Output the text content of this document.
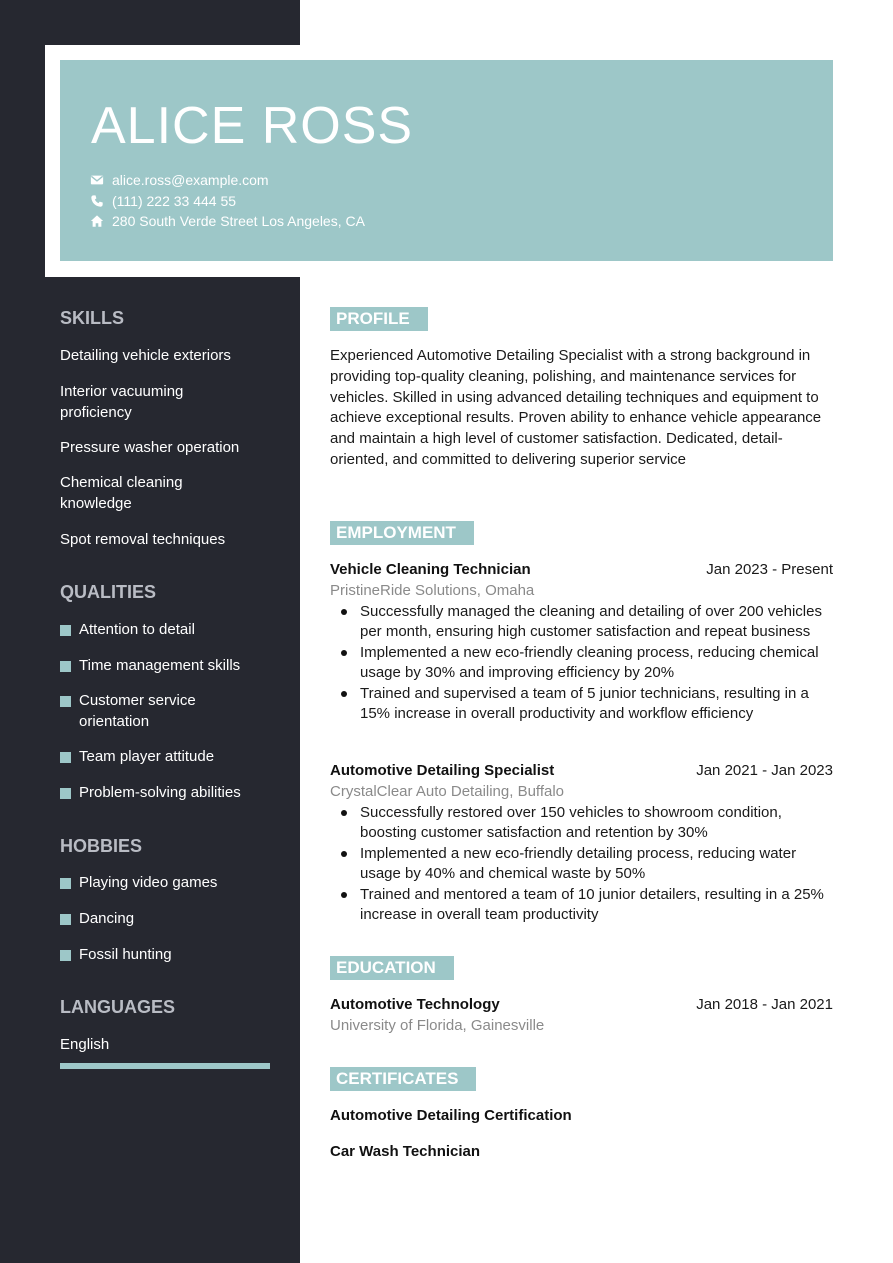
ALICE ROSS
alice.ross@example.com
(111) 222 33 444 55
280 South Verde Street Los Angeles, CA
SKILLS
Detailing vehicle exteriors
Interior vacuuming proficiency
Pressure washer operation
Chemical cleaning knowledge
Spot removal techniques
QUALITIES
Attention to detail
Time management skills
Customer service orientation
Team player attitude
Problem-solving abilities
HOBBIES
Playing video games
Dancing
Fossil hunting
LANGUAGES
English
PROFILE

Experienced Automotive Detailing Specialist with a strong background in providing top-quality cleaning, polishing, and maintenance services for vehicles. Skilled in using advanced detailing techniques and equipment to achieve exceptional results. Proven ability to enhance vehicle appearance and maintain a high level of customer satisfaction. Dedicated, detail-oriented, and committed to delivering superior service

EMPLOYMENT
Vehicle Cleaning Technician	Jan 2023 - Present
PristineRide Solutions, Omaha
Successfully managed the cleaning and detailing of over 200 vehicles per month, ensuring high customer satisfaction and repeat business
Implemented a new eco-friendly cleaning process, reducing chemical usage by 30% and improving efficiency by 20%
Trained and supervised a team of 5 junior technicians, resulting in a 15% increase in overall productivity and workflow efficiency
Automotive Detailing Specialist	Jan 2021 - Jan 2023
CrystalClear Auto Detailing, Buffalo
Successfully restored over 150 vehicles to showroom condition, boosting customer satisfaction and retention by 30%
Implemented a new eco-friendly detailing process, reducing water usage by 40% and chemical waste by 50%
Trained and mentored a team of 10 junior detailers, resulting in a 25% increase in overall team productivity
EDUCATION
Automotive Technology	Jan 2018 - Jan 2021
University of Florida, Gainesville
CERTIFICATES
Automotive Detailing Certification
Car Wash Technician
